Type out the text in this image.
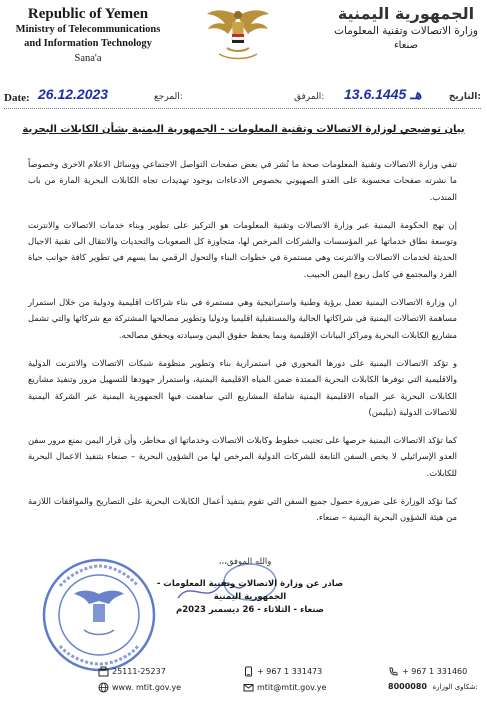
Republic of Yemen
Ministry of Telecommunications
and Information Technology
Sana'a
الجمهورية اليمنية
وزارة الاتصالات وتقنية المعلومات
صنعاء
Date: 26.12.2023	المرجع:	المرفق: 13.6.1445 هـ	التاريخ:
بيان توضيحي لوزارة الاتصالات وتقنية المعلومات - الجمهورية اليمنية بشأن الكابلات البحرية

تنفي وزارة الاتصالات وتقنية المعلومات صحة ما نُشر في بعض صفحات التواصل الاجتماعي ووسائل الاعلام الاخرى وخصوصاً ما نشرته صفحات محسوبة على العدو الصهيوني بخصوص الادعاءات بوجود تهديدات تجاه الكابلات البحرية المارة من باب المندب.

إن نهج الحكومة اليمنية عبر وزارة الاتصالات وتقنية المعلومات هو التركيز على تطوير وبناء خدمات الاتصالات والانترنت وتوسعة نطاق خدماتها عبر المؤسسات والشركات المرخص لها، متجاوزة كل الصعوبات والتحديات والانتقال الى تقنية الاجيال الحديثة لخدمات الاتصالات والانترنت وهي مستمرة في خطوات البناء والتحول الرقمي بما يسهم في تطوير كافة جوانب حياة الفرد والمجتمع في كامل ربوع اليمن الحبيب.

ان وزارة الاتصالات اليمنية تعمل برؤية وطنية واستراتيجية وهي مستمرة في بناء شراكات اقليمية ودولية من خلال استمرار مساهمة الاتصالات اليمنية في شراكاتها الحالية والمستقبلية اقليميا ودوليا وتطوير مصالحها المشتركة مع شركائها والتي تشمل مشاريع الكابلات البحرية ومراكز البيانات الإقليمية وبما يحفظ حقوق اليمن وسيادته ويحقق مصالحه.

و تؤكد الاتصالات اليمنية على دورها المحوري في استمرارية بناء وتطوير منظومة شبكات الاتصالات والانترنت الدولية والاقليمية التي توفرها الكابلات البحرية الممتدة ضمن المياه الاقليمية اليمنية، واستمرار جهودها للتسهيل مرور وتنفيذ مشاريع الكابلات البحرية عبر المياه الاقليمية اليمنية شاملة المشاريع التي ساهمت فيها الجمهورية اليمنية عبر الشركة اليمنية للاتصالات الدولية (تيليمن)

كما تؤكد الاتصالات اليمنية حرصها على تجنيب خطوط وكابلات الاتصالات وخدماتها اي مخاطر، وأن قرار اليمن بمنع مرور سفن العدو الإسرائيلي لا يخص السفن التابعة للشركات الدولية المرخص لها من الشؤون البحرية – صنعاء بتنفيذ الاعمال البحرية للكابلات.

كما تؤكد الوزارة على ضرورة حصول جميع السفن التي تقوم بتنفيذ أعمال الكابلات البحرية على التصاريح والموافقات اللازمة من هيئة الشؤون البحرية اليمنية – صنعاء.

والله الموفق،،،
صادر عن وزارة الاتصالات وتقنية المعلومات - الجمهورية اليمنية
صنعاء - الثلاثاء - 26 ديسمبر 2023م
25111-25237
www. mtit.gov.ye
+ 967 1 331473
mtit@mtit.gov.ye
+ 967 1 331460
8000080 شكاوى الوزارة:
